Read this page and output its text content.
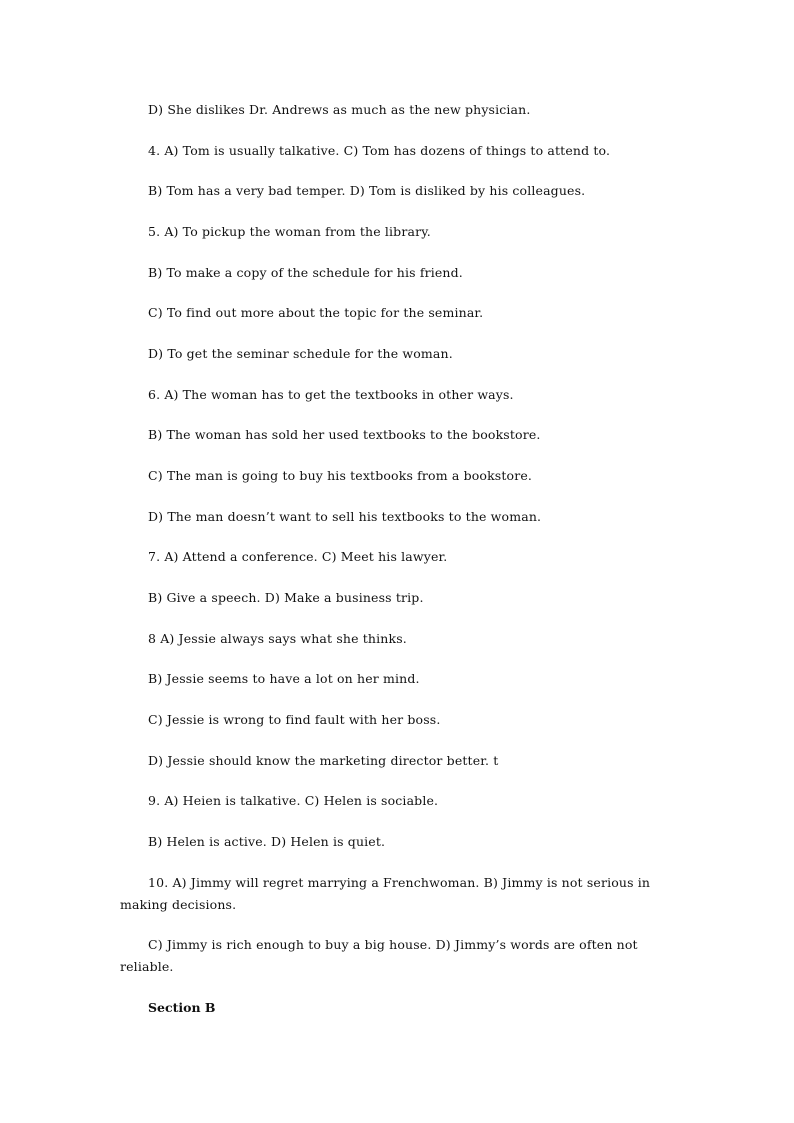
D) She dislikes Dr. Andrews as much as the new physician.
4. A) Tom is usually talkative. C) Tom has dozens of things to attend to.
B) Tom has a very bad temper. D) Tom is disliked by his colleagues.
5. A) To pickup the woman from the library.
B) To make a copy of the schedule for his friend.
C) To find out more about the topic for the seminar.
D) To get the seminar schedule for the woman.
6. A) The woman has to get the textbooks in other ways.
B) The woman has sold her used textbooks to the bookstore.
C) The man is going to buy his textbooks from a bookstore.
D) The man doesn’t want to sell his textbooks to the woman.
7. A) Attend a conference. C) Meet his lawyer.
B) Give a speech. D) Make a business trip.
8 A) Jessie always says what she thinks.
B) Jessie seems to have a lot on her mind.
C) Jessie is wrong to find fault with her boss.
D) Jessie should know the marketing director better. t
9. A) Heien is talkative. C) Helen is sociable.
B) Helen is active. D) Helen is quiet.
10. A) Jimmy will regret marrying a Frenchwoman. B) Jimmy is not serious in making decisions.
C) Jimmy is rich enough to buy a big house. D) Jimmy’s words are often not reliable.
Section B
